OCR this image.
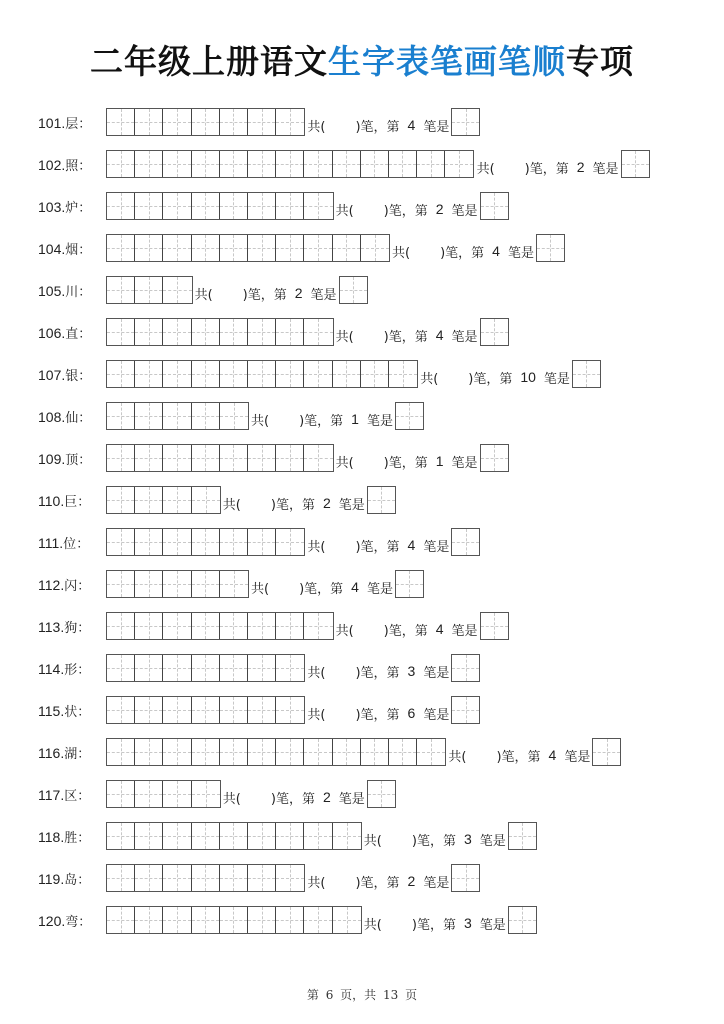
二年级上册语文生字表笔画笔顺专项
101.层：	共( )笔，第 4 笔是
102.照：	共( )笔，第 2 笔是
103.炉：	共( )笔，第 2 笔是
104.烟：	共( )笔，第 4 笔是
105.川：	共( )笔，第 2 笔是
106.直：	共( )笔，第 4 笔是
107.银：	共( )笔，第 10 笔是
108.仙：	共( )笔，第 1 笔是
109.顶：	共( )笔，第 1 笔是
110.巨：	共( )笔，第 2 笔是
111.位：	共( )笔，第 4 笔是
112.闪：	共( )笔，第 4 笔是
113.狗：	共( )笔，第 4 笔是
114.形：	共( )笔，第 3 笔是
115.状：	共( )笔，第 6 笔是
116.湖：	共( )笔，第 4 笔是
117.区：	共( )笔，第 2 笔是
118.胜：	共( )笔，第 3 笔是
119.岛：	共( )笔，第 2 笔是
120.弯：	共( )笔，第 3 笔是
第 6 页，共 13 页
